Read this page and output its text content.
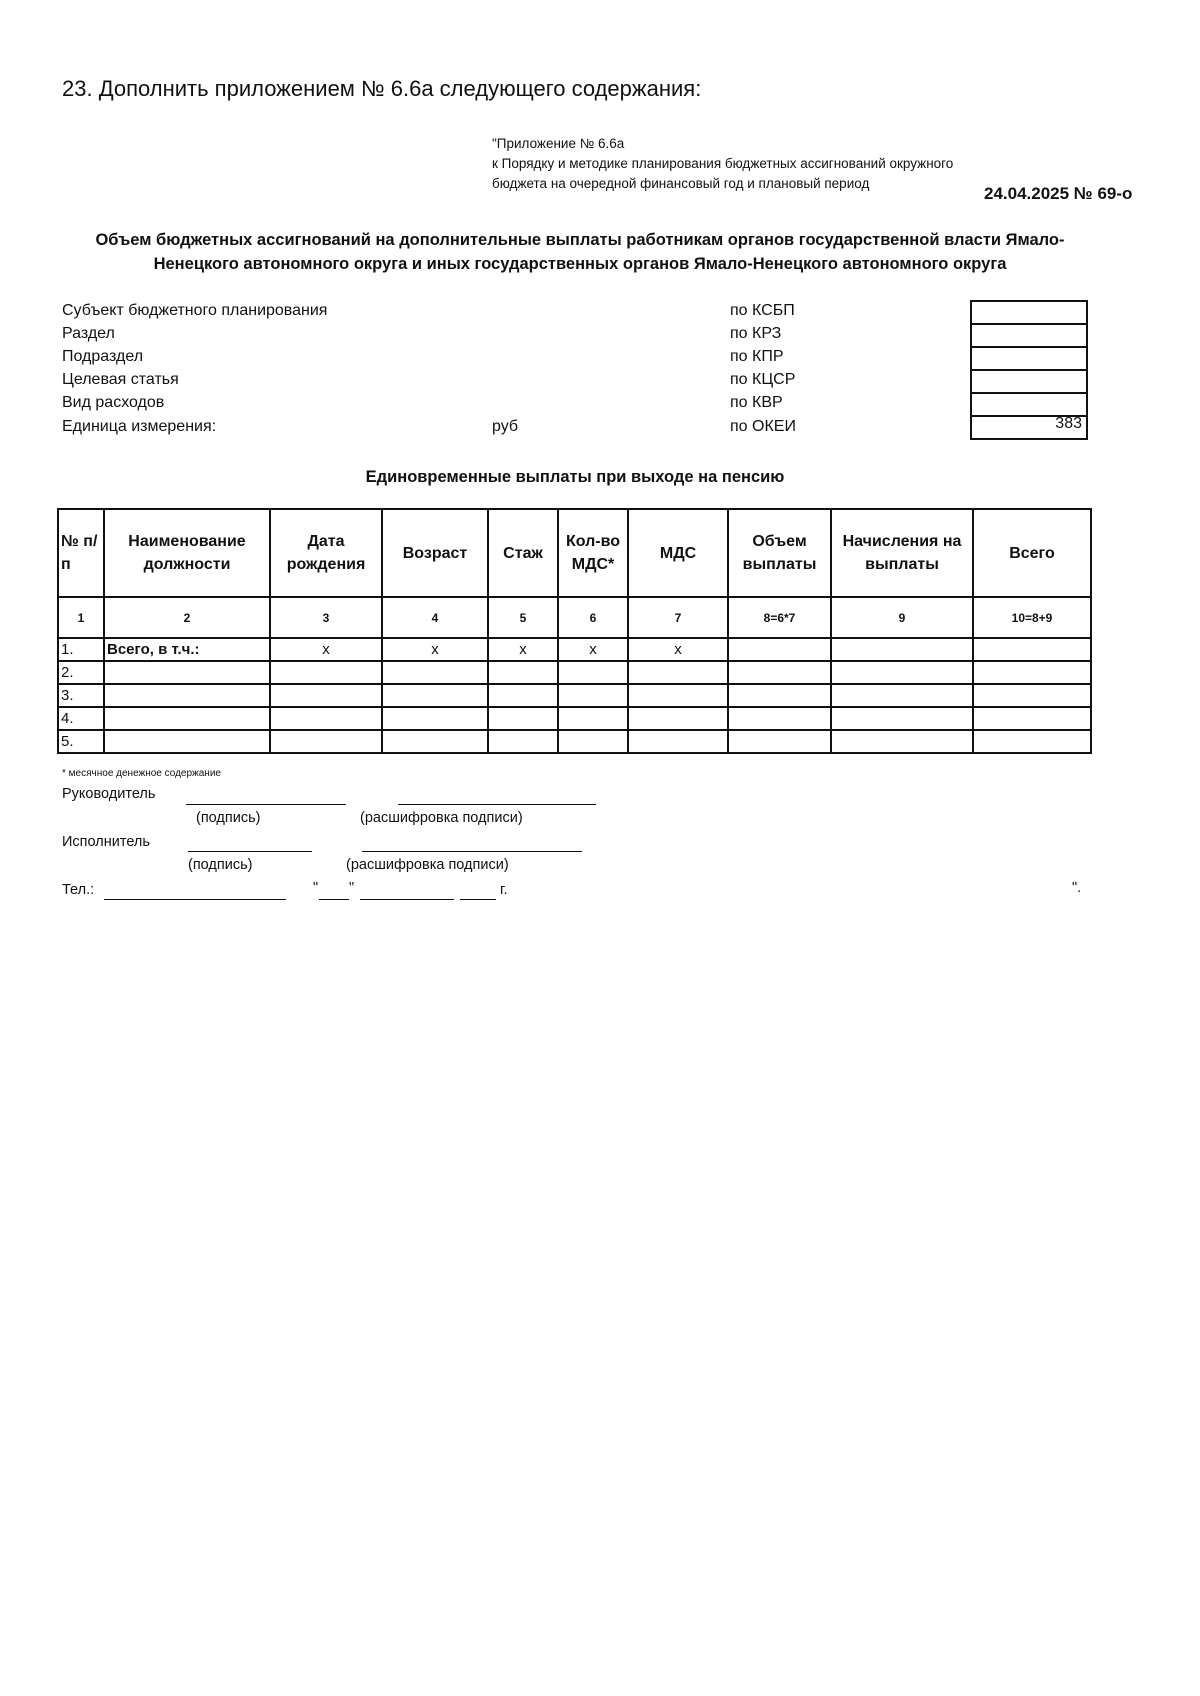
23. Дополнить приложением № 6.6а следующего содержания:
"Приложение № 6.6а
к Порядку и методике планирования бюджетных ассигнований окружного
бюджета на очередной финансовый год и плановый период
24.04.2025 № 69-о
Объем бюджетных ассигнований на дополнительные выплаты работникам органов государственной власти Ямало-Ненецкого автономного округа и иных государственных органов Ямало-Ненецкого автономного округа
Субъект бюджетного планирования	по КСБП
Раздел	по КРЗ
Подраздел	по КПР
Целевая статья	по КЦСР
Вид расходов	по КВР
Единица измерения:	руб	по ОКЕИ	383
Единовременные выплаты при выходе на пенсию
№ п/п	Наименование должности	Дата рождения	Возраст	Стаж	Кол-во МДС*	МДС	Объем выплаты	Начисления на выплаты	Всего
1	2	3	4	5	6	7	8=6*7	9	10=8+9
1.	Всего, в т.ч.:	x	x	x	x	x			
2.									
3.									
4.									
5.									
* месячное денежное содержание
Руководитель
(подпись)	(расшифровка подписи)
Исполнитель
(подпись)	(расшифровка подписи)
Тел.:	" "	г.	".
